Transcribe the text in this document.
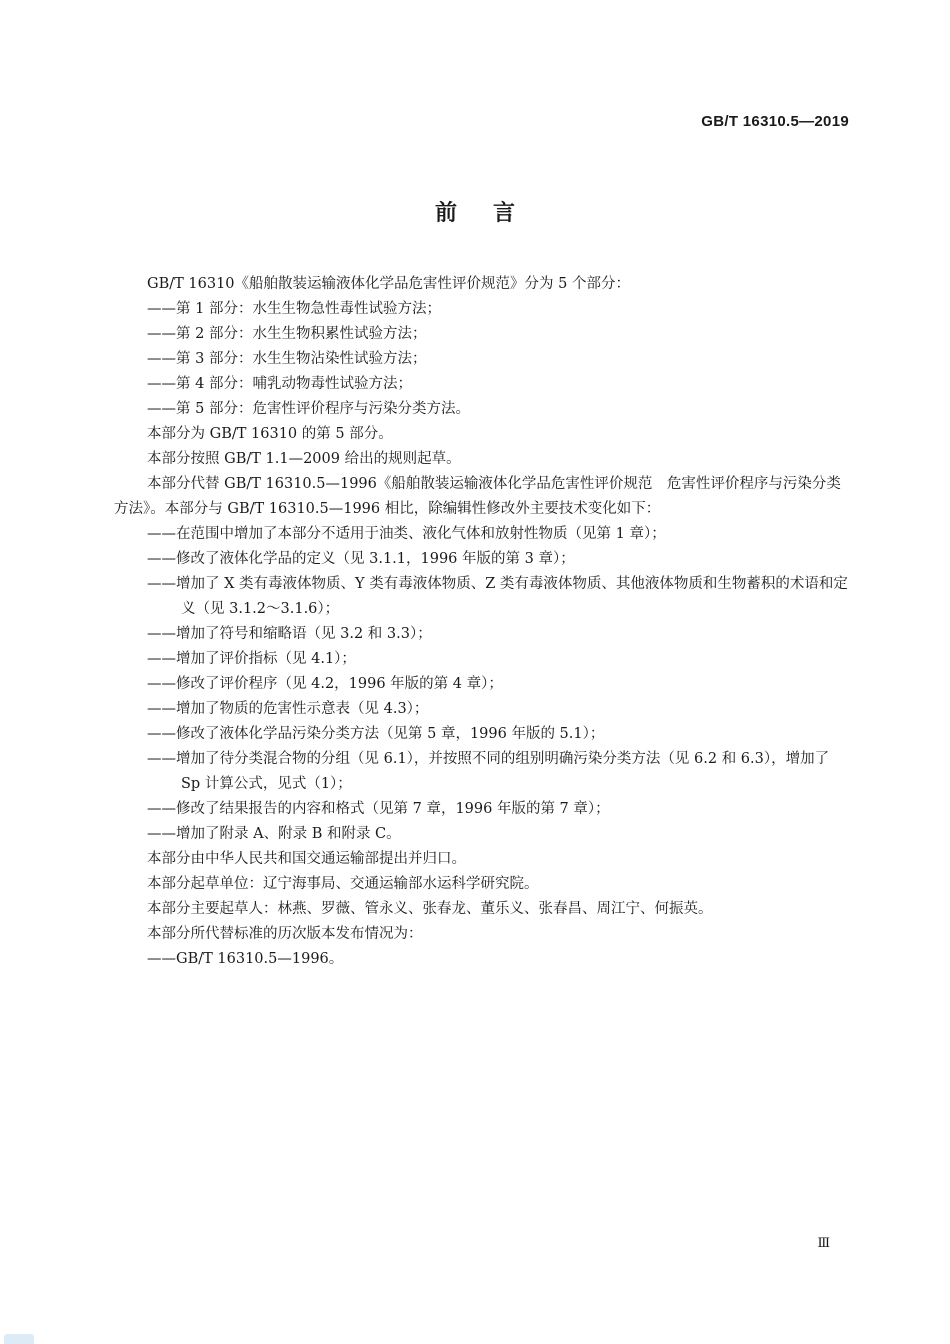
GB/T 16310.5—2019
前言
GB/T 16310《船舶散装运输液体化学品危害性评价规范》分为 5 个部分：
——第 1 部分：水生生物急性毒性试验方法；
——第 2 部分：水生生物积累性试验方法；
——第 3 部分：水生生物沾染性试验方法；
——第 4 部分：哺乳动物毒性试验方法；
——第 5 部分：危害性评价程序与污染分类方法。
本部分为 GB/T 16310 的第 5 部分。
本部分按照 GB/T 1.1—2009 给出的规则起草。
本部分代替 GB/T 16310.5—1996《船舶散装运输液体化学品危害性评价规范　危害性评价程序与污染分类方法》。本部分与 GB/T 16310.5—1996 相比，除编辑性修改外主要技术变化如下：
——在范围中增加了本部分不适用于油类、液化气体和放射性物质（见第 1 章）；
——修改了液体化学品的定义（见 3.1.1，1996 年版的第 3 章）；
——增加了 X 类有毒液体物质、Y 类有毒液体物质、Z 类有毒液体物质、其他液体物质和生物蓄积的术语和定义（见 3.1.2～3.1.6）；
——增加了符号和缩略语（见 3.2 和 3.3）；
——增加了评价指标（见 4.1）；
——修改了评价程序（见 4.2，1996 年版的第 4 章）；
——增加了物质的危害性示意表（见 4.3）；
——修改了液体化学品污染分类方法（见第 5 章，1996 年版的 5.1）；
——增加了待分类混合物的分组（见 6.1），并按照不同的组别明确污染分类方法（见 6.2 和 6.3），增加了 Sp 计算公式，见式（1）；
——修改了结果报告的内容和格式（见第 7 章，1996 年版的第 7 章）；
——增加了附录 A、附录 B 和附录 C。
本部分由中华人民共和国交通运输部提出并归口。
本部分起草单位：辽宁海事局、交通运输部水运科学研究院。
本部分主要起草人：林燕、罗薇、管永义、张春龙、董乐义、张春昌、周江宁、何振英。
本部分所代替标准的历次版本发布情况为：
——GB/T 16310.5—1996。
Ⅲ
